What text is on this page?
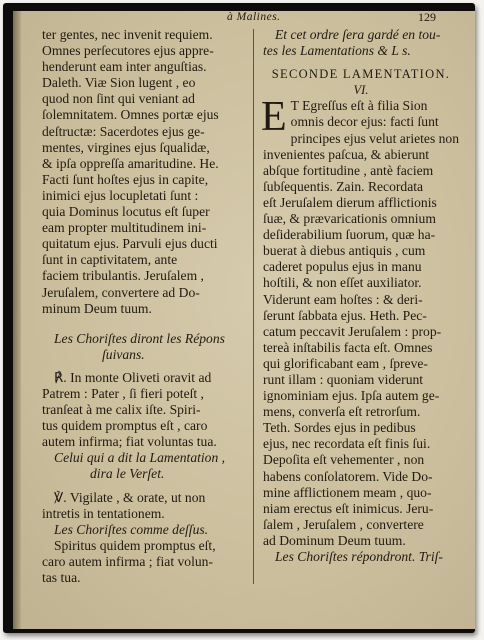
à Malines.	129
ter gentes, nec invenit requiem.
Omnes perſecutores ejus appre-
henderunt eam inter anguſtias.
Daleth. Viæ Sion lugent , eo
quod non ſint qui veniant ad
ſolemnitatem. Omnes portæ ejus
deſtructæ: Sacerdotes ejus ge-
mentes, virgines ejus ſqualidæ,
& ipſa oppreſſa amaritudine. He.
Facti ſunt hoſtes ejus in capite,
inimici ejus locupletati ſunt :
quia Dominus locutus eſt ſuper
eam propter multitudinem ini-
quitatum ejus. Parvuli ejus ducti
ſunt in captivitatem, ante
faciem tribulantis. Jeruſalem ,
Jeruſalem, convertere ad Do-
minum Deum tuum.
Les Choriſtes diront les Répons
ſuivans.
℟. In monte Oliveti oravit ad
Patrem : Pater , ſi fieri poteſt ,
tranſeat à me calix iſte. Spiri-
tus quidem promptus eſt , caro
autem infirma; fiat voluntas tua.
Celui qui a dit la Lamentation ,
dira le Verſet.
℣. Vigilate , & orate, ut non
intretis in tentationem.
Les Choriſtes comme deſſus.
Spiritus quidem promptus eſt,
caro autem infirma ; fiat volun-
tas tua.
Et cet ordre ſera gardé en tou-
tes les Lamentations & L s.
SECONDE LAMENTATION.
VI.
E T Egreſſus eſt à filia Sion
omnis decor ejus: facti ſunt
principes ejus velut arietes non
invenientes paſcua, & abierunt
abſque fortitudine , antè faciem
ſubſequentis. Zain. Recordata
eſt Jeruſalem dierum afflictionis
ſuæ, & prævaricationis omnium
deſiderabilium ſuorum, quæ ha-
buerat à diebus antiquis , cum
caderet populus ejus in manu
hoſtili, & non eſſet auxiliator.
Viderunt eam hoſtes : & deri-
ſerunt ſabbata ejus. Heth. Pec-
catum peccavit Jeruſalem : prop-
tereà inſtabilis facta eſt. Omnes
qui glorificabant eam , ſpreve-
runt illam : quoniam viderunt
ignominiam ejus. Ipſa autem ge-
mens, converſa eſt retrorſum.
Teth. Sordes ejus in pedibus
ejus, nec recordata eſt finis ſui.
Depoſita eſt vehementer , non
habens conſolatorem. Vide Do-
mine afflictionem meam , quo-
niam erectus eſt inimicus. Jeru-
ſalem , Jeruſalem , convertere
ad Dominum Deum tuum.
Les Choriſtes répondront. Triſ-
